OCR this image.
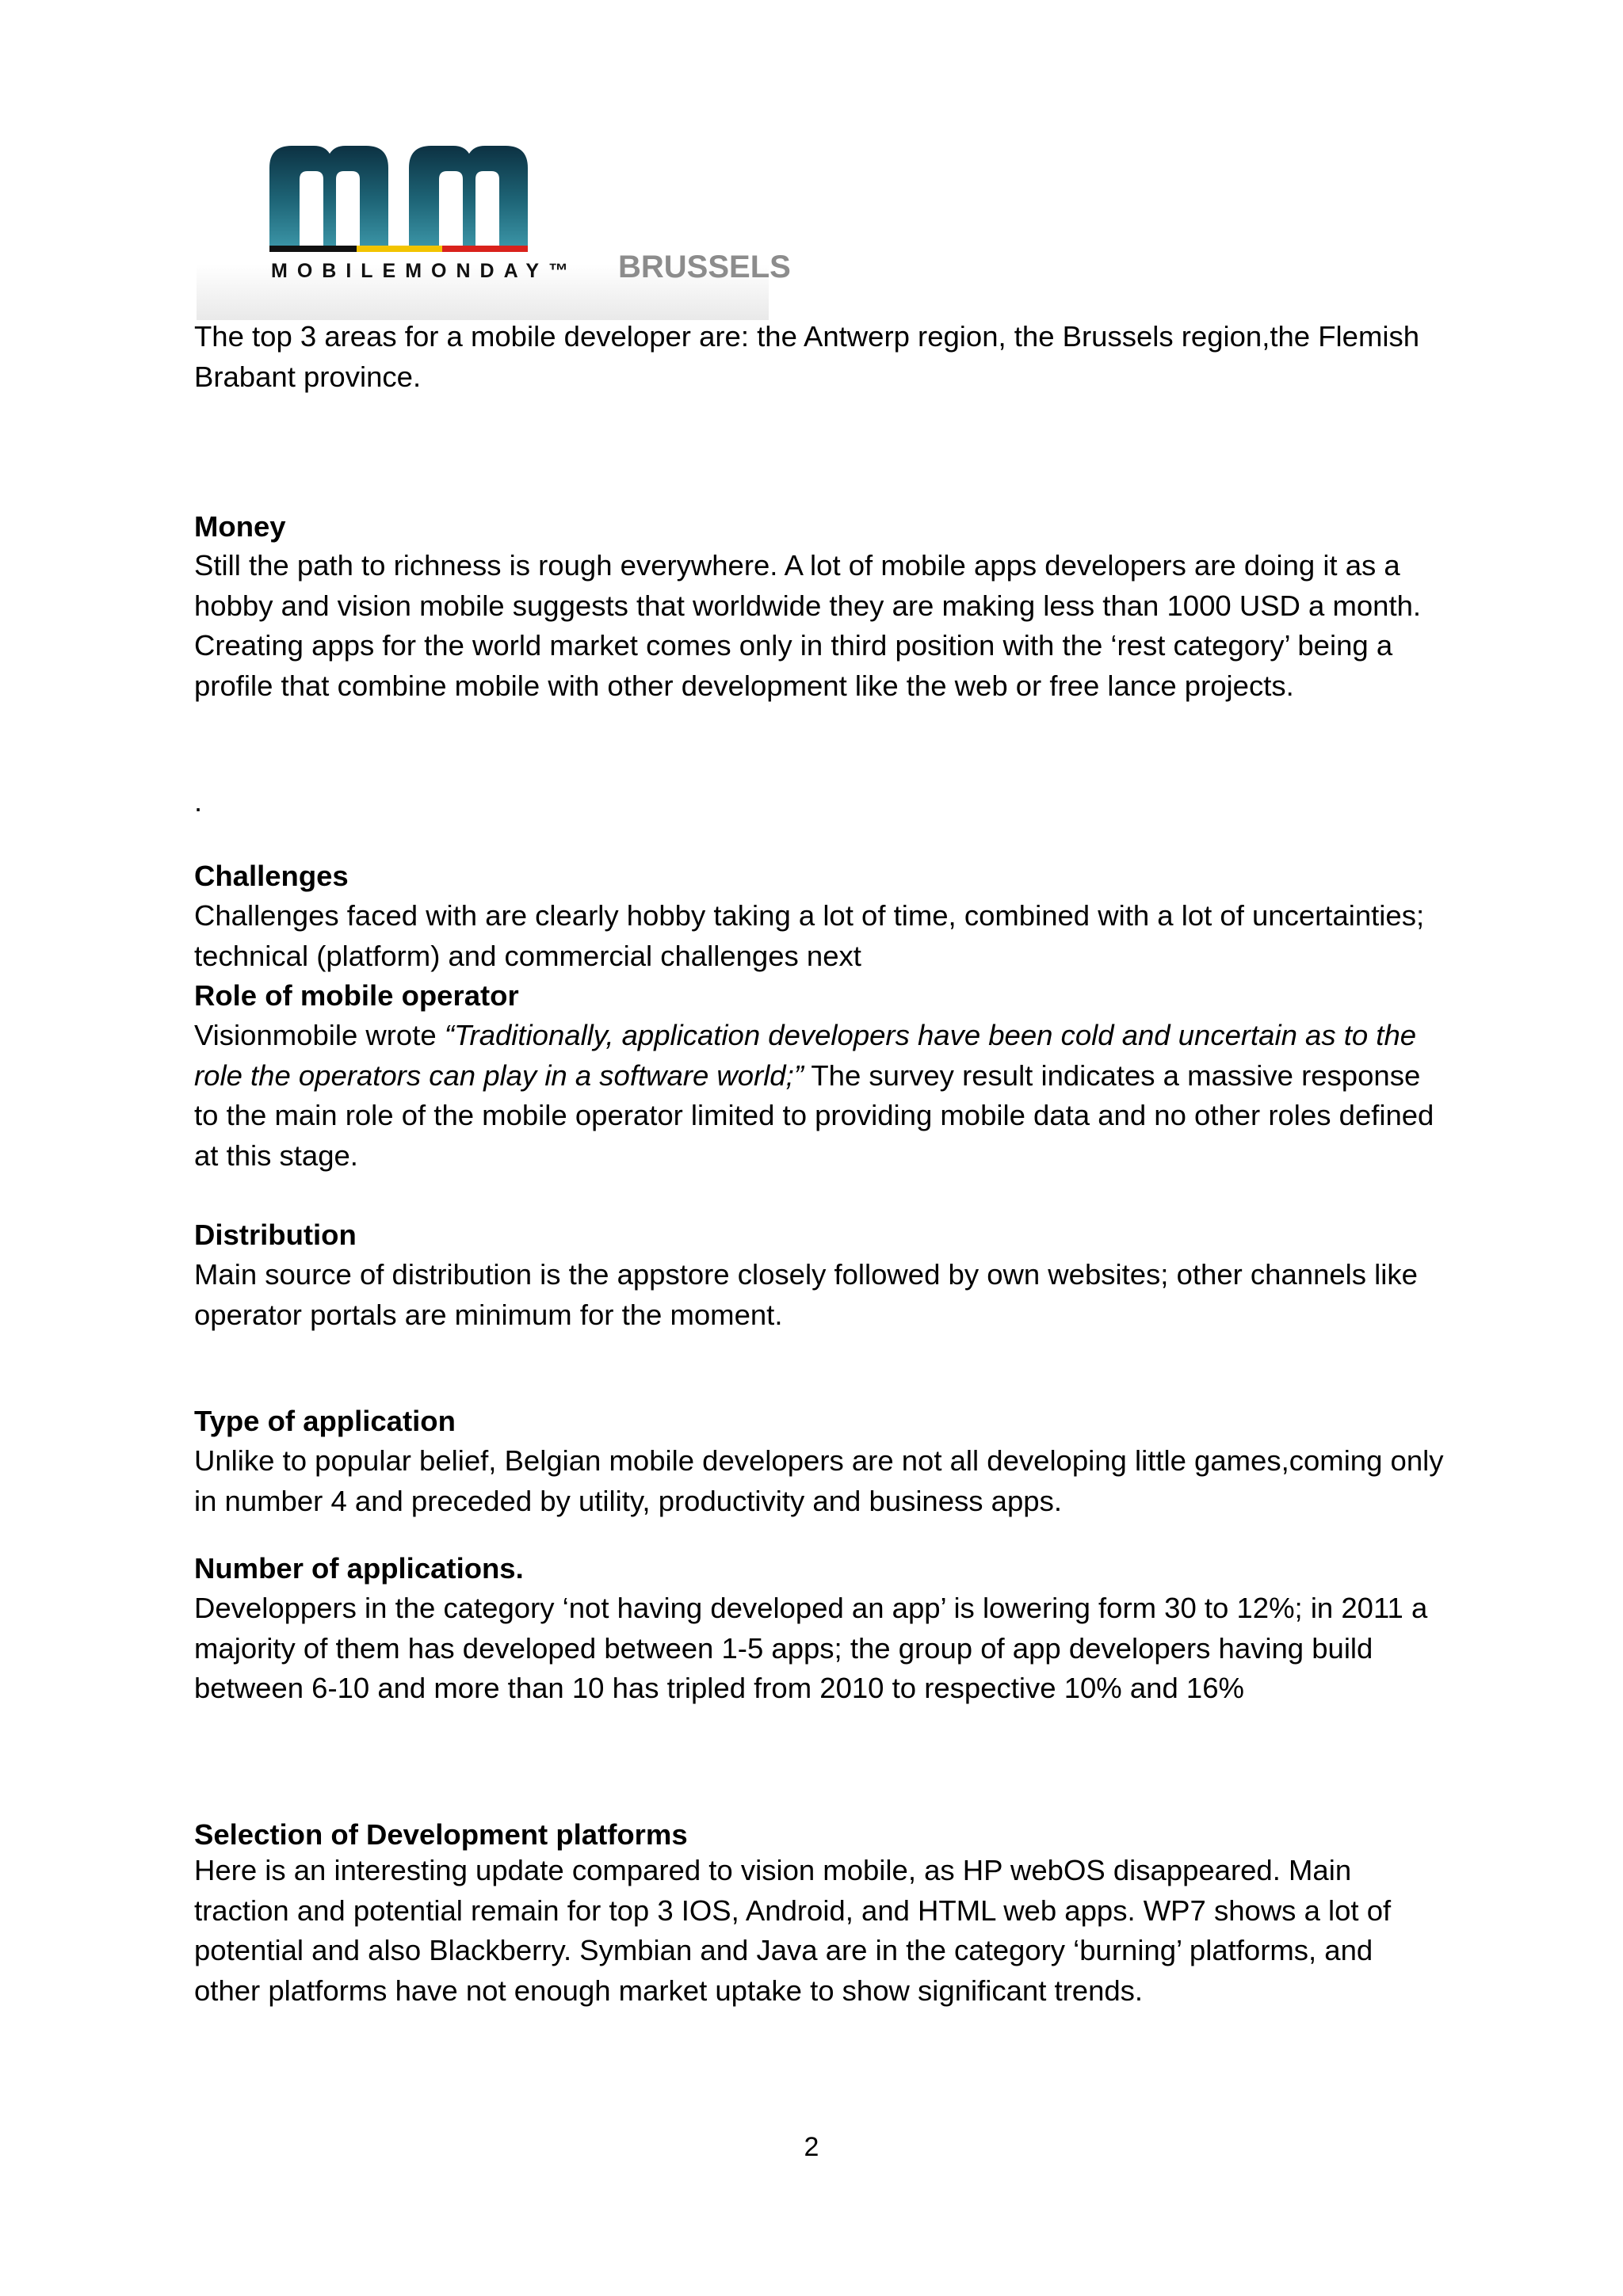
MOBILEMONDAY™ BRUSSELS

The top 3 areas for a mobile developer are: the Antwerp region, the Brussels region,the Flemish Brabant province.

Money

Still the path to richness is rough everywhere. A lot of mobile apps developers are doing it as a hobby and vision mobile suggests that worldwide they are making less than 1000 USD a month. Creating apps for the world market comes only in third position with the ‘rest category’ being a profile that combine mobile with other development like the web or free lance projects.

.

Challenges

Challenges faced with are clearly hobby taking a lot of time, combined with a lot of uncertainties; technical (platform) and commercial challenges next

Role of mobile operator

Visionmobile wrote “Traditionally, application developers have been cold and uncertain as to the role the operators can play in a software world;” The survey result indicates a massive response to the main role of the mobile operator limited to providing mobile data and no other roles defined at this stage.

Distribution

Main source of distribution is the appstore closely followed by own websites; other channels like operator portals are minimum for the moment.

Type of application

Unlike to popular belief, Belgian mobile developers are not all developing little games,coming only in number 4 and preceded by utility, productivity and business apps.

Number of applications.

Developpers in the category ‘not having developed an app’ is lowering form 30 to 12%; in 2011 a majority of them has developed between 1-5 apps; the group of app developers having build between 6-10 and more than 10 has tripled from 2010 to respective 10% and 16%

Selection of Development platforms

Here is an interesting update compared to vision mobile, as HP webOS disappeared. Main traction and potential remain for top 3 IOS, Android, and HTML web apps. WP7 shows a lot of potential and also Blackberry. Symbian and Java are in the category ‘burning’ platforms, and other platforms have not enough market uptake to show significant trends.

2
